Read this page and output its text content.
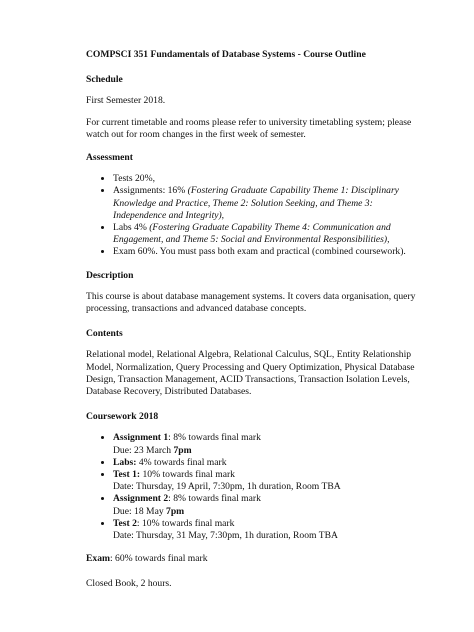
COMPSCI 351 Fundamentals of Database Systems - Course Outline
Schedule
First Semester 2018.
For current timetable and rooms please refer to university timetabling system; please watch out for room changes in the first week of semester.
Assessment
• Tests 20%,
• Assignments: 16% (Fostering Graduate Capability Theme 1: Disciplinary Knowledge and Practice, Theme 2: Solution Seeking, and Theme 3: Independence and Integrity),
• Labs 4% (Fostering Graduate Capability Theme 4: Communication and Engagement, and Theme 5: Social and Environmental Responsibilities),
• Exam 60%. You must pass both exam and practical (combined coursework).
Description
This course is about database management systems. It covers data organisation, query processing, transactions and advanced database concepts.
Contents
Relational model, Relational Algebra, Relational Calculus, SQL, Entity Relationship Model, Normalization, Query Processing and Query Optimization, Physical Database Design, Transaction Management, ACID Transactions, Transaction Isolation Levels, Database Recovery, Distributed Databases.
Coursework 2018
• Assignment 1: 8% towards final mark
Due: 23 March 7pm
• Labs: 4% towards final mark
• Test 1: 10% towards final mark
Date: Thursday, 19 April, 7:30pm, 1h duration, Room TBA
• Assignment 2: 8% towards final mark
Due: 18 May 7pm
• Test 2: 10% towards final mark
Date: Thursday, 31 May, 7:30pm, 1h duration, Room TBA
Exam: 60% towards final mark
Closed Book, 2 hours.
